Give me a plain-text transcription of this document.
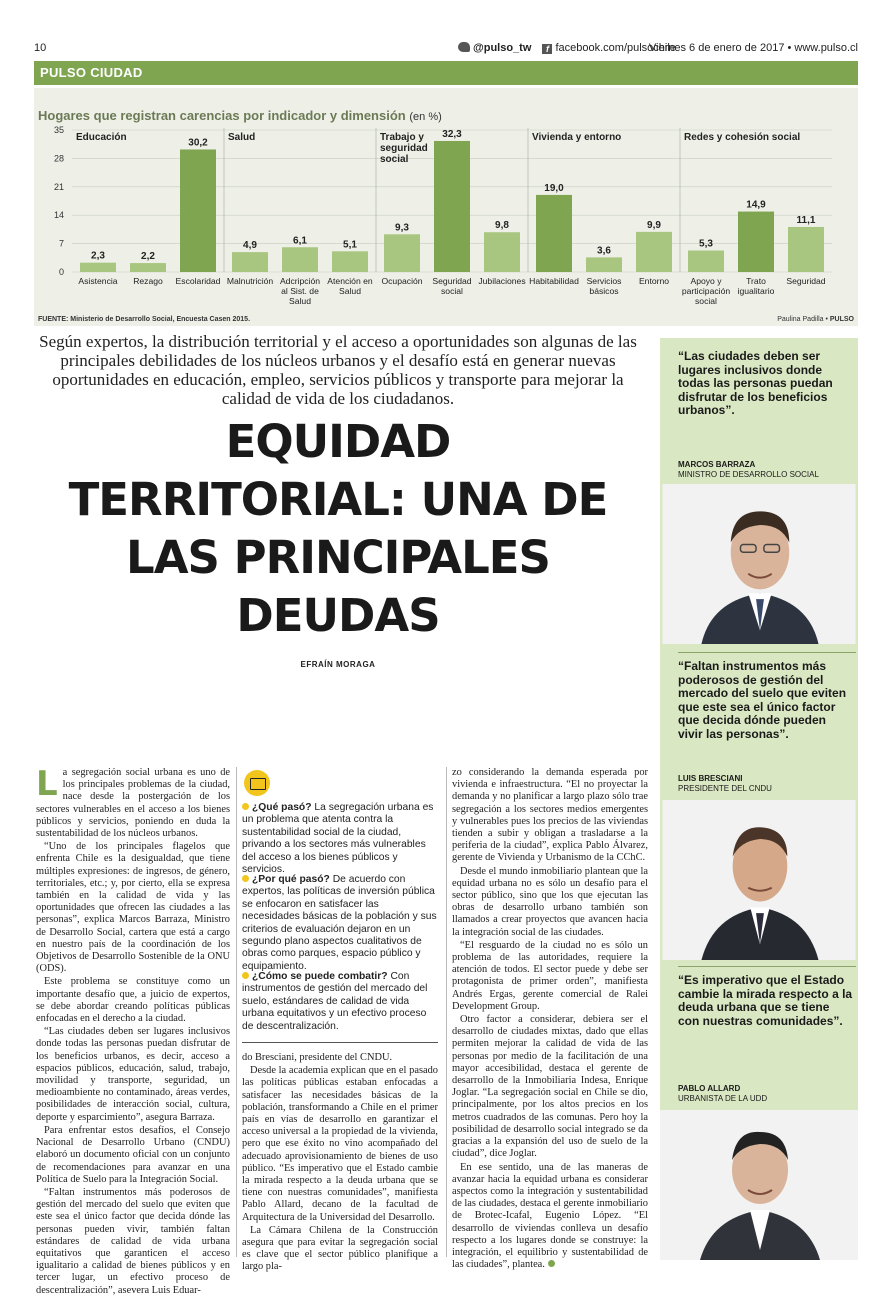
10	@pulso_tw f facebook.com/pulsochile
Viernes 6 de enero de 2017 • www.pulso.cl
PULSO CIUDAD
35
28
21
14
7
0
Educación
2,3
Asistencia
2,2
Rezago
30,2
Escolaridad
Salud
4,9
Malnutrición
6,1
Adcripción
al Sist. de
Salud
5,1
Atención en
Salud
Trabajo y
seguridad
social
9,3
Ocupación
32,3
Seguridad
social
9,8
Jubilaciones
Vivienda y entorno
19,0
Habitabilidad
3,6
Servicios
básicos
9,9
Entorno
Redes y cohesión social
5,3
Apoyo y
participación
social
14,9
Trato
igualitario
11,1
Seguridad
Hogares que registran carencias por indicador y dimensión (en %)
FUENTE: Ministerio de Desarrollo Social, Encuesta Casen 2015.	Paulina Padilla • PULSO
Según expertos, la distribución territorial y el acceso a oportunidades son algunas de las principales debilidades de los núcleos urbanos y el desafío está en generar nuevas oportunidades en educación, empleo, servicios públicos y transporte para mejorar la calidad de vida de los ciudadanos.
EQUIDAD
TERRITORIAL: UNA DE
LAS PRINCIPALES
DEUDAS
EFRAÍN MORAGA
“Las ciudades deben ser lugares inclusivos donde todas las personas puedan disfrutar de los beneficios urbanos”.
MARCOS BARRAZA
MINISTRO DE DESARROLLO SOCIAL
“Faltan instrumentos más poderosos de gestión del mercado del suelo que eviten que este sea el único factor que decida dónde pueden vivir las personas”.
LUIS BRESCIANI
PRESIDENTE DEL CNDU
“Es imperativo que el Estado cambie la mirada respecto a la deuda urbana que se tiene con nuestras comunidades”.
PABLO ALLARD
URBANISTA DE LA UDD

La segregación social urbana es uno de los principales problemas de la ciudad, nace desde la postergación de los sectores vulnerables en el acceso a los bienes públicos y servicios, poniendo en duda la sustentabilidad de los núcleos urbanos.

“Uno de los principales flagelos que enfrenta Chile es la desigualdad, que tiene múltiples expresiones: de ingresos, de género, territoriales, etc.; y, por cierto, ella se expresa también en la calidad de vida y las oportunidades que ofrecen las ciudades a las personas”, explica Marcos Barraza, Ministro de Desarrollo Social, cartera que está a cargo en nuestro país de la coordinación de los Objetivos de Desarrollo Sostenible de la ONU (ODS).

Este problema se constituye como un importante desafío que, a juicio de expertos, se debe abordar creando políticas públicas enfocadas en el derecho a la ciudad.

“Las ciudades deben ser lugares inclusivos donde todas las personas puedan disfrutar de los beneficios urbanos, es decir, acceso a espacios públicos, educación, salud, trabajo, movilidad y transporte, seguridad, un medioambiente no contaminado, áreas verdes, posibilidades de interacción social, cultura, deporte y esparcimiento”, asegura Barraza.

Para enfrentar estos desafíos, el Consejo Nacional de Desarrollo Urbano (CNDU) elaboró un documento oficial con un conjunto de recomendaciones para avanzar en una Política de Suelo para la Integración Social.

“Faltan instrumentos más poderosos de gestión del mercado del suelo que eviten que este sea el único factor que decida dónde las personas pueden vivir, también faltan estándares de calidad de vida urbana equitativos que garanticen el acceso igualitario a calidad de bienes públicos y en tercer lugar, un efectivo proceso de descentralización”, asevera Luis Eduar-

¿Qué pasó? La segregación urbana es un problema que atenta contra la sustentabilidad social de la ciudad, privando a los sectores más vulnerables del acceso a los bienes públicos y servicios.
¿Por qué pasó? De acuerdo con expertos, las políticas de inversión pública se enfocaron en satisfacer las necesidades básicas de la población y sus criterios de evaluación dejaron en un segundo plano aspectos cualitativos de obras como parques, espacio público y equipamiento.
¿Cómo se puede combatir? Con instrumentos de gestión del mercado del suelo, estándares de calidad de vida urbana equitativos y un efectivo proceso de descentralización.

do Bresciani, presidente del CNDU.

Desde la academia explican que en el pasado las políticas públicas estaban enfocadas a satisfacer las necesidades básicas de la población, transformando a Chile en el primer país en vías de desarrollo en garantizar el acceso universal a la propiedad de la vivienda, pero que ese éxito no vino acompañado del adecuado aprovisionamiento de bienes de uso público. “Es imperativo que el Estado cambie la mirada respecto a la deuda urbana que se tiene con nuestras comunidades”, manifiesta Pablo Allard, decano de la facultad de Arquitectura de la Universidad del Desarrollo.

La Cámara Chilena de la Construcción asegura que para evitar la segregación social es clave que el sector público planifique a largo pla-

zo considerando la demanda esperada por vivienda e infraestructura. “El no proyectar la demanda y no planificar a largo plazo sólo trae segregación a los sectores medios emergentes y vulnerables pues los precios de las viviendas tienden a subir y obligan a trasladarse a la periferia de la ciudad”, explica Pablo Álvarez, gerente de Vivienda y Urbanismo de la CChC.

Desde el mundo inmobiliario plantean que la equidad urbana no es sólo un desafío para el sector público, sino que los que ejecutan las obras de desarrollo urbano también son llamados a crear proyectos que avancen hacia la integración social de las ciudades.

“El resguardo de la ciudad no es sólo un problema de las autoridades, requiere la atención de todos. El sector puede y debe ser protagonista de primer orden”, manifiesta Andrés Ergas, gerente comercial de Ralei Development Group.

Otro factor a considerar, debiera ser el desarrollo de ciudades mixtas, dado que ellas permiten mejorar la calidad de vida de las personas por medio de la facilitación de una mayor accesibilidad, destaca el gerente de desarrollo de la Inmobiliaria Indesa, Enrique Joglar. “La segregación social en Chile se dio, principalmente, por los altos precios en los metros cuadrados de las comunas. Pero hoy la posibilidad de desarrollo social integrado se da gracias a la expansión del uso de suelo de la ciudad”, dice Joglar.

En ese sentido, una de las maneras de avanzar hacia la equidad urbana es considerar aspectos como la integración y sustentabilidad de las ciudades, destaca el gerente inmobiliario de Brotec-Icafal, Eugenio López. “El desarrollo de viviendas conlleva un desafío respecto a los lugares donde se construye: la integración, el equilibrio y sustentabilidad de las ciudades”, plantea.
